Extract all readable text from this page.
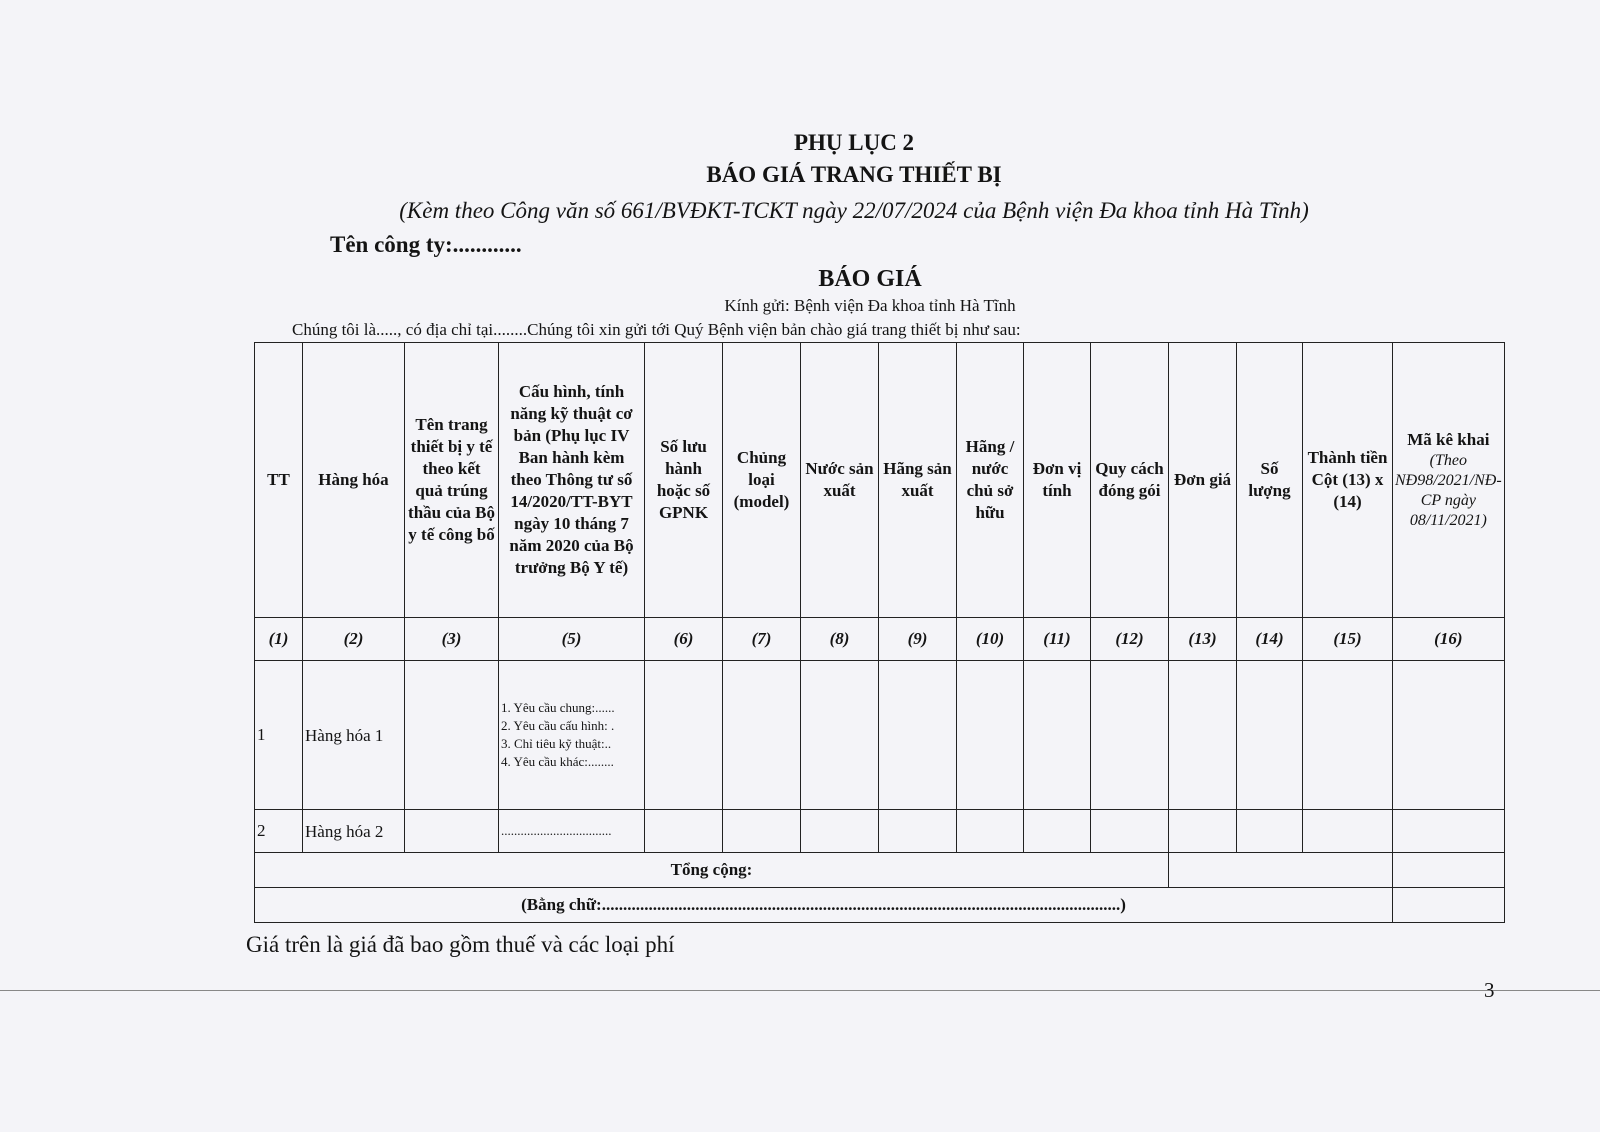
PHỤ LỤC 2
BÁO GIÁ TRANG THIẾT BỊ
(Kèm theo Công văn số 661/BVĐKT-TCKT ngày 22/07/2024 của Bệnh viện Đa khoa tỉnh Hà Tĩnh)
Tên công ty:............
BÁO GIÁ
Kính gửi: Bệnh viện Đa khoa tỉnh Hà Tĩnh
Chúng tôi là....., có địa chỉ tại........Chúng tôi xin gửi tới Quý Bệnh viện bản chào giá trang thiết bị như sau:
TT	Hàng hóa	Tên trang thiết bị y tế theo kết quả trúng thầu của Bộ y tế công bố	Cấu hình, tính năng kỹ thuật cơ bản (Phụ lục IV Ban hành kèm theo Thông tư số 14/2020/TT-BYT ngày 10 tháng 7 năm 2020 của Bộ trưởng Bộ Y tế)	Số lưu hành hoặc số GPNK	Chủng loại (model)	Nước sản xuất	Hãng sản xuất	Hãng / nước chủ sở hữu	Đơn vị tính	Quy cách đóng gói	Đơn giá	Số lượng	Thành tiền Cột (13) x (14)	Mã kê khai
(Theo NĐ98/2021/NĐ-CP ngày 08/11/2021)
(1)	(2)	(3)	(5)	(6)	(7)	(8)	(9)	(10)	(11)	(12)	(13)	(14)	(15)	(16)
1	Hàng hóa 1		1. Yêu cầu chung:......
2. Yêu cầu cấu hình: .
3. Chỉ tiêu kỹ thuật:..
4. Yêu cầu khác:........											

2	Hàng hóa 2		..................................											

Tổng cộng:														
(Bằng chữ:..........................................................................................................................)														
Giá trên là giá đã bao gồm thuế và các loại phí
3
